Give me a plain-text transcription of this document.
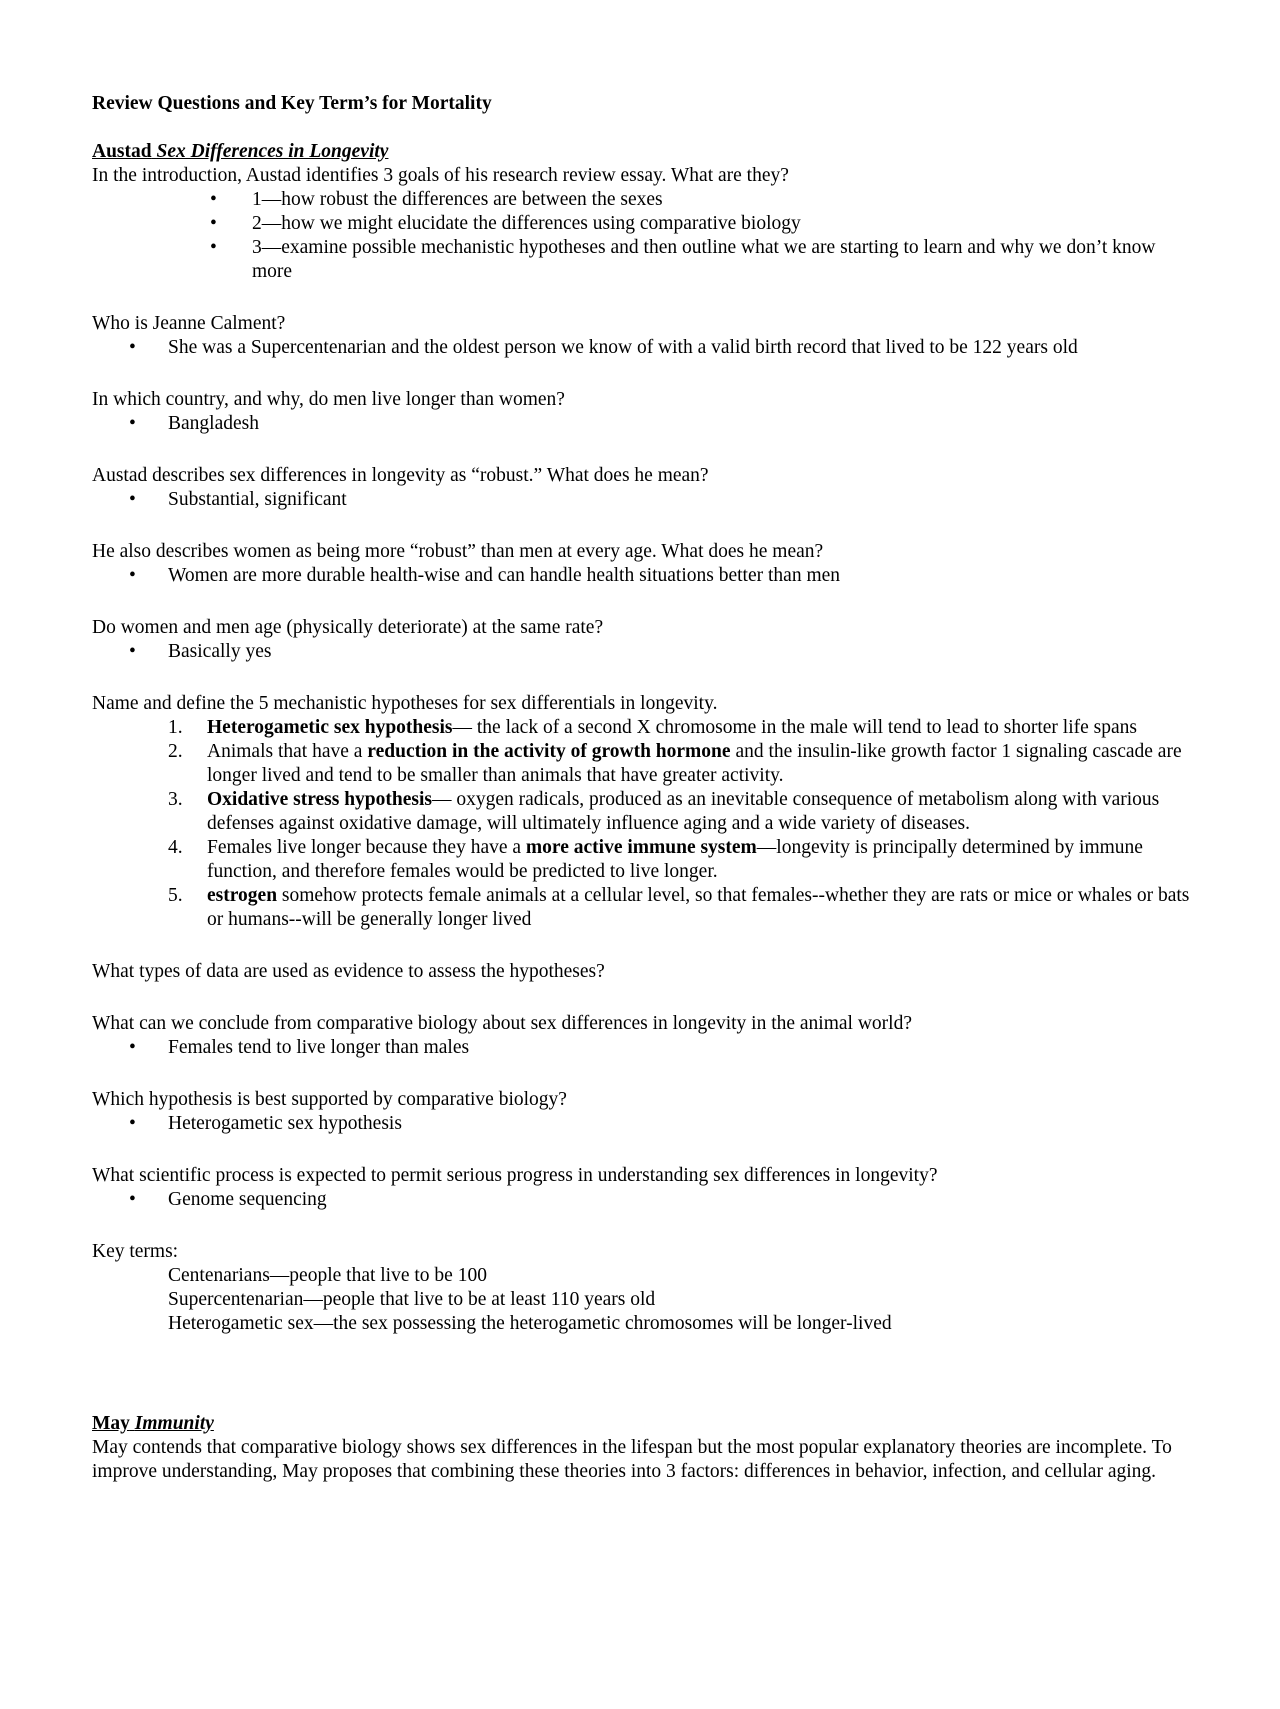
Review Questions and Key Term’s for Mortality

Austad Sex Differences in Longevity

In the introduction, Austad identifies 3 goals of his research review essay. What are they?

• 1—how robust the differences are between the sexes
• 2—how we might elucidate the differences using comparative biology
• 3—examine possible mechanistic hypotheses and then outline what we are starting to learn and why we don’t know more

Who is Jeanne Calment?

• She was a Supercentenarian and the oldest person we know of with a valid birth record that lived to be 122 years old

In which country, and why, do men live longer than women?

• Bangladesh

Austad describes sex differences in longevity as “robust.” What does he mean?

• Substantial, significant

He also describes women as being more “robust” than men at every age. What does he mean?

• Women are more durable health-wise and can handle health situations better than men

Do women and men age (physically deteriorate) at the same rate?

• Basically yes

Name and define the 5 mechanistic hypotheses for sex differentials in longevity.

1. Heterogametic sex hypothesis— the lack of a second X chromosome in the male will tend to lead to shorter life spans
2. Animals that have a reduction in the activity of growth hormone and the insulin-like growth factor 1 signaling cascade are longer lived and tend to be smaller than animals that have greater activity.
3. Oxidative stress hypothesis— oxygen radicals, produced as an inevitable consequence of metabolism along with various defenses against oxidative damage, will ultimately influence aging and a wide variety of diseases.
4. Females live longer because they have a more active immune system—longevity is principally determined by immune function, and therefore females would be predicted to live longer.
5. estrogen somehow protects female animals at a cellular level, so that females--whether they are rats or mice or whales or bats or humans--will be generally longer lived

What types of data are used as evidence to assess the hypotheses?

What can we conclude from comparative biology about sex differences in longevity in the animal world?

• Females tend to live longer than males

Which hypothesis is best supported by comparative biology?

• Heterogametic sex hypothesis

What scientific process is expected to permit serious progress in understanding sex differences in longevity?

• Genome sequencing

Key terms:

Centenarians—people that live to be 100

Supercentenarian—people that live to be at least 110 years old

Heterogametic sex—the sex possessing the heterogametic chromosomes will be longer-lived

May Immunity

May contends that comparative biology shows sex differences in the lifespan but the most popular explanatory theories are incomplete. To improve understanding, May proposes that combining these theories into 3 factors: differences in behavior, infection, and cellular aging.
